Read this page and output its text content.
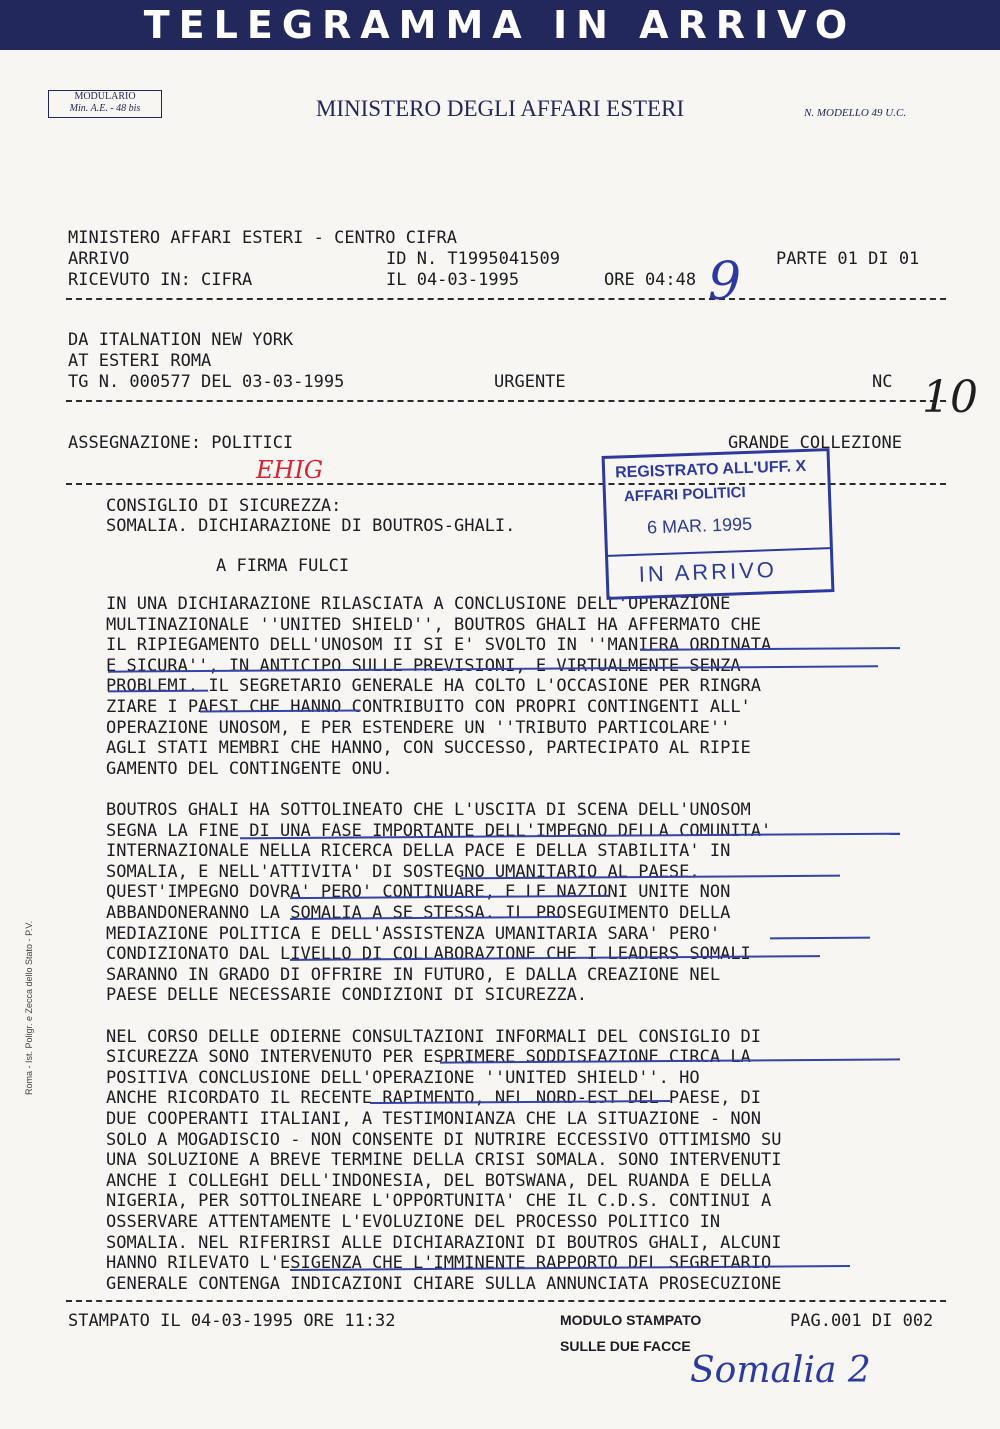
TELEGRAMMA IN ARRIVO
MODULARIO
Min. A.E. - 48 bis	MINISTERO DEGLI AFFARI ESTERI	N. MODELLO 49 U.C.
MINISTERO AFFARI ESTERI - CENTRO CIFRA
ARRIVO	ID N. T1995041509	PARTE 01 DI 01
RICEVUTO IN: CIFRA	IL 04-03-1995	ORE 04:48
DA ITALNATION NEW YORK
AT ESTERI ROMA
TG N. 000577 DEL 03-03-1995	URGENTE	NC
ASSEGNAZIONE: POLITICI	GRANDE COLLEZIONE
CONSIGLIO DI SICUREZZA:
SOMALIA. DICHIARAZIONE DI BOUTROS-GHALI.
A FIRMA FULCI
IN UNA DICHIARAZIONE RILASCIATA A CONCLUSIONE DELL'OPERAZIONE
MULTINAZIONALE ''UNITED SHIELD'', BOUTROS GHALI HA AFFERMATO CHE
IL RIPIEGAMENTO DELL'UNOSOM II SI E' SVOLTO IN ''MANIERA ORDINATA
E SICURA'', IN ANTICIPO SULLE PREVISIONI, E VIRTUALMENTE SENZA
PROBLEMI. IL SEGRETARIO GENERALE HA COLTO L'OCCASIONE PER RINGRA
ZIARE I PAESI CHE HANNO CONTRIBUITO CON PROPRI CONTINGENTI ALL'
OPERAZIONE UNOSOM, E PER ESTENDERE UN ''TRIBUTO PARTICOLARE''
AGLI STATI MEMBRI CHE HANNO, CON SUCCESSO, PARTECIPATO AL RIPIE
GAMENTO DEL CONTINGENTE ONU.
BOUTROS GHALI HA SOTTOLINEATO CHE L'USCITA DI SCENA DELL'UNOSOM
SEGNA LA FINE DI UNA FASE IMPORTANTE DELL'IMPEGNO DELLA COMUNITA'
INTERNAZIONALE NELLA RICERCA DELLA PACE E DELLA STABILITA' IN
SOMALIA, E NELL'ATTIVITA' DI SOSTEGNO UMANITARIO AL PAESE.
QUEST'IMPEGNO DOVRA' PERO' CONTINUARE, E LE NAZIONI UNITE NON
ABBANDONERANNO LA SOMALIA A SE STESSA. IL PROSEGUIMENTO DELLA
MEDIAZIONE POLITICA E DELL'ASSISTENZA UMANITARIA SARA' PERO'
CONDIZIONATO DAL LIVELLO DI COLLABORAZIONE CHE I LEADERS SOMALI
SARANNO IN GRADO DI OFFRIRE IN FUTURO, E DALLA CREAZIONE NEL
PAESE DELLE NECESSARIE CONDIZIONI DI SICUREZZA.
NEL CORSO DELLE ODIERNE CONSULTAZIONI INFORMALI DEL CONSIGLIO DI
SICUREZZA SONO INTERVENUTO PER ESPRIMERE SODDISFAZIONE CIRCA LA
POSITIVA CONCLUSIONE DELL'OPERAZIONE ''UNITED SHIELD''. HO
ANCHE RICORDATO IL RECENTE RAPIMENTO, NEL NORD-EST DEL PAESE, DI
DUE COOPERANTI ITALIANI, A TESTIMONIANZA CHE LA SITUAZIONE - NON
SOLO A MOGADISCIO - NON CONSENTE DI NUTRIRE ECCESSIVO OTTIMISMO SU
UNA SOLUZIONE A BREVE TERMINE DELLA CRISI SOMALA. SONO INTERVENUTI
ANCHE I COLLEGHI DELL'INDONESIA, DEL BOTSWANA, DEL RUANDA E DELLA
NIGERIA, PER SOTTOLINEARE L'OPPORTUNITA' CHE IL C.D.S. CONTINUI A
OSSERVARE ATTENTAMENTE L'EVOLUZIONE DEL PROCESSO POLITICO IN
SOMALIA. NEL RIFERIRSI ALLE DICHIARAZIONI DI BOUTROS GHALI, ALCUNI
HANNO RILEVATO L'ESIGENZA CHE L'IMMINENTE RAPPORTO DEL SEGRETARIO
GENERALE CONTENGA INDICAZIONI CHIARE SULLA ANNUNCIATA PROSECUZIONE
STAMPATO IL 04-03-1995 ORE 11:32	MODULO STAMPATO
SULLE DUE FACCE
PAG.001 DI 002
REGISTRATO ALL'UFF. X
AFFARI POLITICI
6 MAR. 1995
IN ARRIVO
9
10
EHIG
Somalia 2
Roma - Ist. Poligr. e Zecca dello Stato - P.V.
